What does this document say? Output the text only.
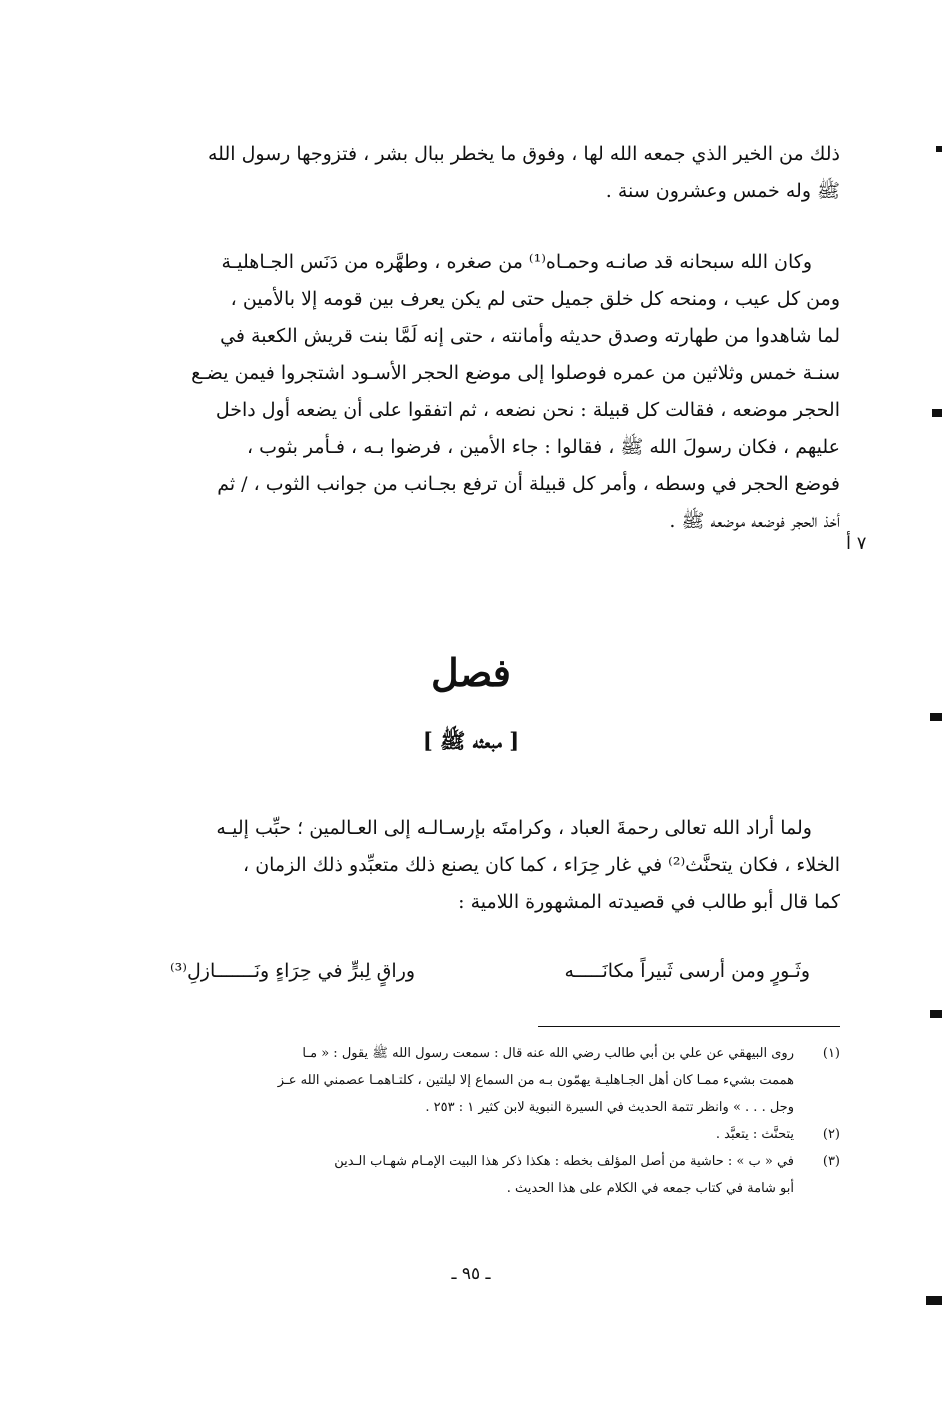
ذلك من الخير الذي جمعه الله لها ، وفوق ما يخطر ببال بشر ، فتزوجها رسول الله
ﷺ وله خمس وعشرون سنة .
وكان الله سبحانه قد صانـه وحمـاه⁽¹⁾ من صغره ، وطهَّره من دَنَس الجـاهليـة
ومن كل عيب ، ومنحه كل خلق جميل حتى لم يكن يعرف بين قومه إلا بالأمين ،
لما شاهدوا من طهارته وصدق حديثه وأمانته ، حتى إنه لَمَّا بنت قريش الكعبة في
سنـة خمس وثلاثين من عمره فوصلوا إلى موضع الحجر الأسـود اشتجروا فيمن يضـع
الحجر موضعه ، فقالت كل قبيلة : نحن نضعه ، ثم اتفقوا على أن يضعه أول داخل
عليهم ، فكان رسولَ الله ﷺ ، فقالوا : جاء الأمين ، فرضوا بـه ، فـأمر بثوب ،
فوضع الحجر في وسطه ، وأمر كل قبيلة أن ترفع بجـانب من جوانب الثوب ، / ثم
أخذ الحجر فوضعه موضعه ﷺ .
٧ أ
فصل
[ مبعثه ﷺ ]
ولما أراد الله تعالى رحمةَ العباد ، وكرامتَه بإرسـالـه إلى العـالمين ؛ حبِّب إليـه
الخلاء ، فكان يتحنَّث⁽²⁾ في غار حِرَاء ، كما كان يصنع ذلك متعبِّدو ذلك الزمان ،
كما قال أبو طالب في قصيدته المشهورة اللامية :
وثَـورٍ ومن أرسى ثَبيراً مكانَـــــه
وراقٍ لِبرٍّ في حِرَاءٍ ونَـــــــازلِ⁽³⁾
(١)
روى البيهقي عن علي بن أبي طالب رضي الله عنه قال : سمعت رسول الله ﷺ يقول : « مـا
هممت بشيء ممـا كان أهل الجـاهليـة يهمّون بـه من السماع إلا ليلتين ، كلتـاهمـا عصمني الله عـز
وجل . . . » وانظر تتمة الحديث في السيرة النبوية لابن كثير ١ : ٢٥٣ .
(٢)
يتحنَّث : يتعبَّد .
(٣)
في « ب » : حاشية من أصل المؤلف بخطه : هكذا ذكر هذا البيت الإمـام شهـاب الـدين
أبو شامة في كتاب جمعه في الكلام على هذا الحديث .
ـ ٩٥ ـ
